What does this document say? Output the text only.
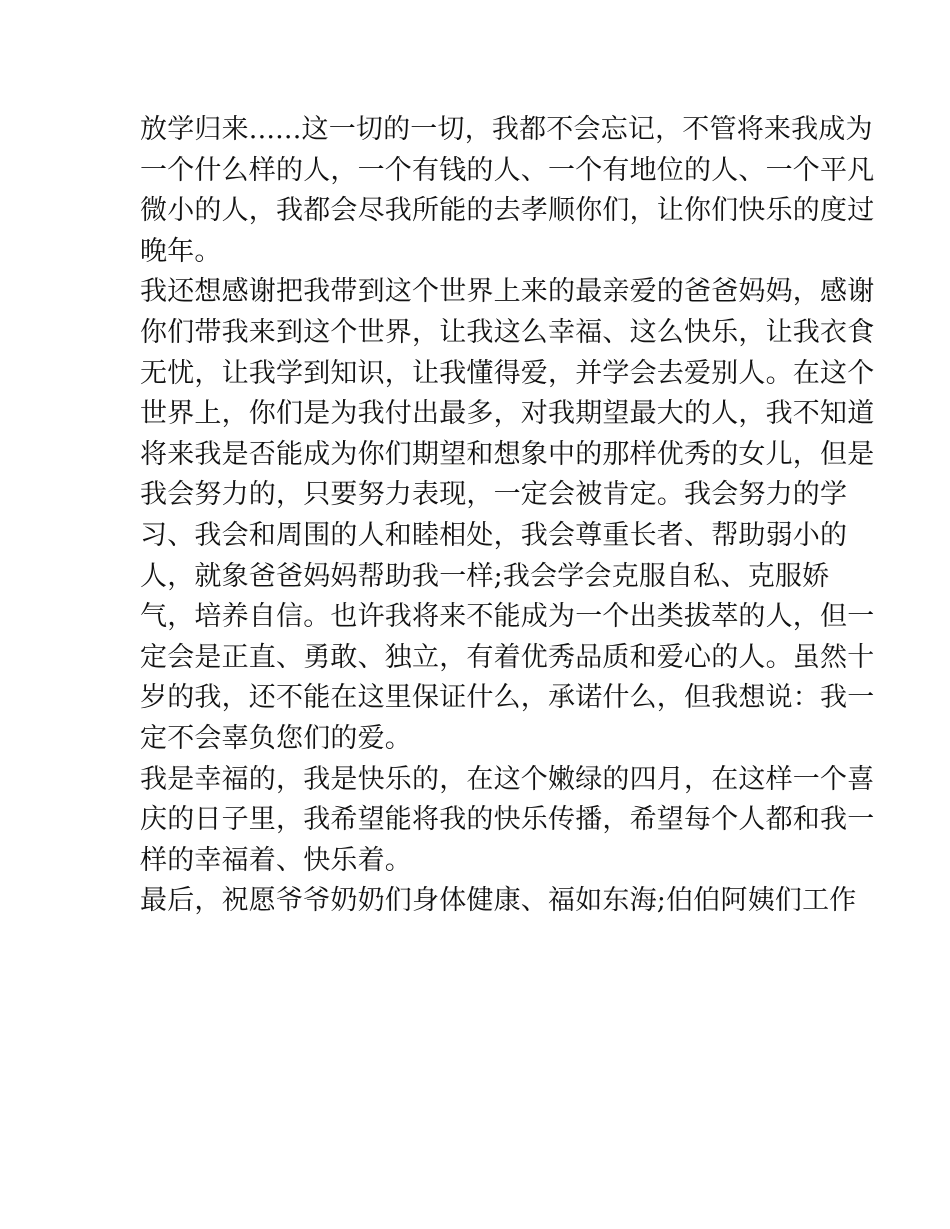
放学归来......这一切的一切，我都不会忘记，不管将来我成为
一个什么样的人，一个有钱的人、一个有地位的人、一个平凡
微小的人，我都会尽我所能的去孝顺你们，让你们快乐的度过
晚年。
我还想感谢把我带到这个世界上来的最亲爱的爸爸妈妈，感谢
你们带我来到这个世界，让我这么幸福、这么快乐，让我衣食
无忧，让我学到知识，让我懂得爱，并学会去爱别人。在这个
世界上，你们是为我付出最多，对我期望最大的人，我不知道
将来我是否能成为你们期望和想象中的那样优秀的女儿，但是
我会努力的，只要努力表现，一定会被肯定。我会努力的学
习、我会和周围的人和睦相处，我会尊重长者、帮助弱小的
人，就象爸爸妈妈帮助我一样;我会学会克服自私、克服娇
气，培养自信。也许我将来不能成为一个出类拔萃的人，但一
定会是正直、勇敢、独立，有着优秀品质和爱心的人。虽然十
岁的我，还不能在这里保证什么，承诺什么，但我想说：我一
定不会辜负您们的爱。
我是幸福的，我是快乐的，在这个嫩绿的四月，在这样一个喜
庆的日子里，我希望能将我的快乐传播，希望每个人都和我一
样的幸福着、快乐着。
最后，祝愿爷爷奶奶们身体健康、福如东海;伯伯阿姨们工作
